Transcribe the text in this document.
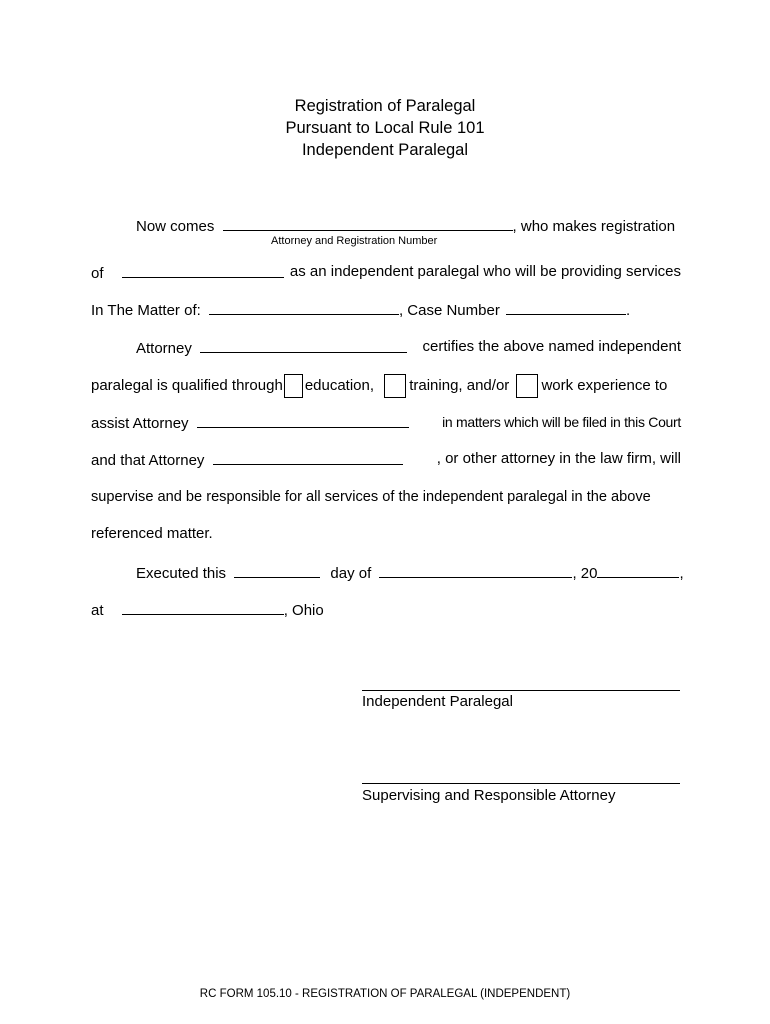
Registration of Paralegal
Pursuant to Local Rule 101
Independent Paralegal
Now comes	, who makes registration
Attorney and Registration Number
of	as an independent paralegal who will be providing services
In The Matter of:	, Case Number	.
Attorney	certifies the above named independent
paralegal is qualified through education, training, and/or work experience to
assist Attorney	in matters which will be filed in this Court
and that Attorney	, or other attorney in the law firm, will
supervise and be responsible for all services of the independent paralegal in the above
referenced matter.
Executed this	day of	, 20	,
at	, Ohio
Independent Paralegal
Supervising and Responsible Attorney
RC FORM 105.10 - REGISTRATION OF PARALEGAL (INDEPENDENT)
